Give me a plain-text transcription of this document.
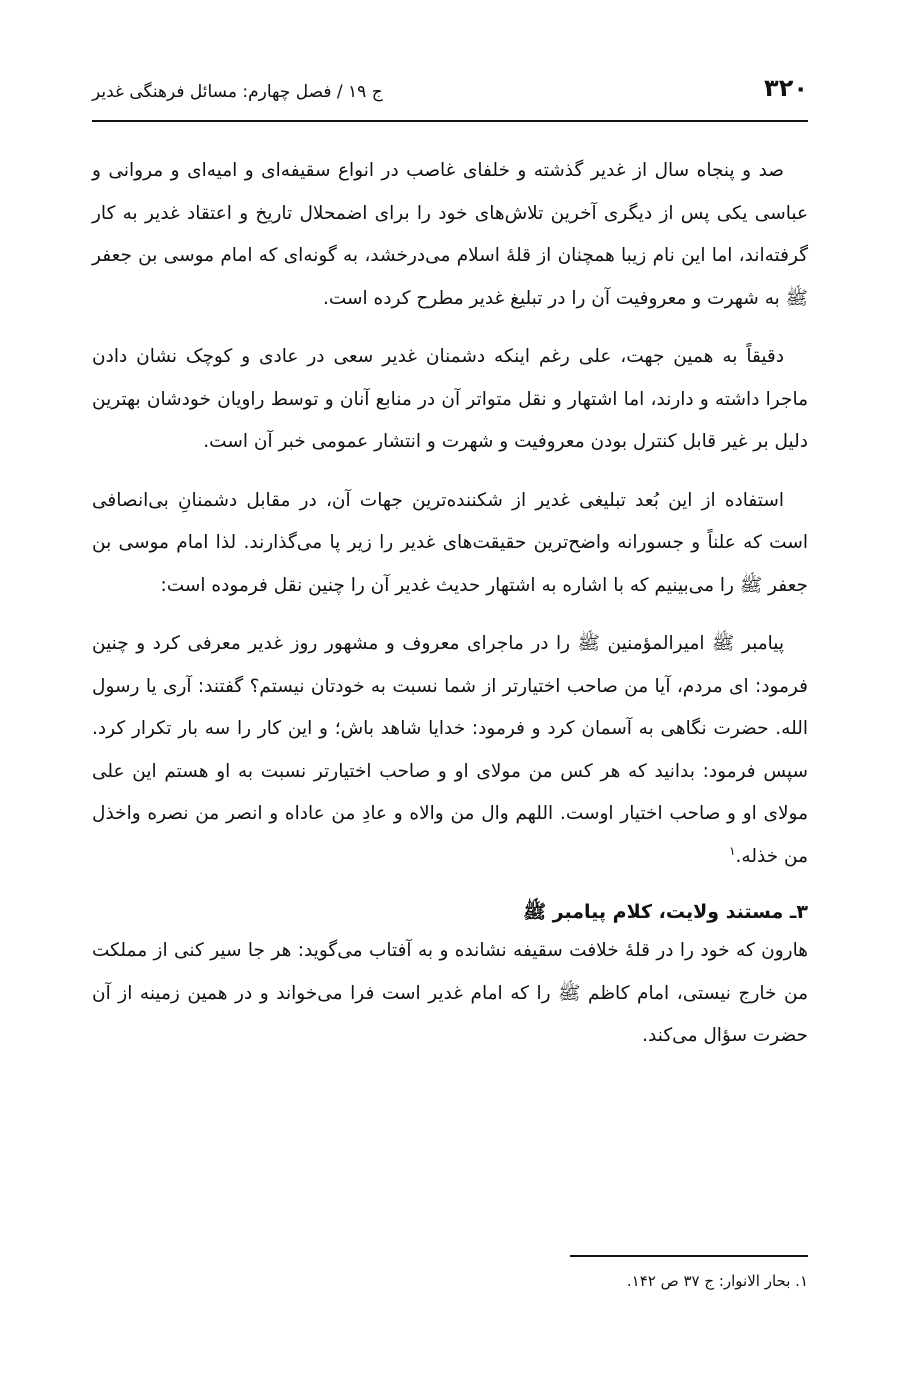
۳۲۰
ج ۱۹ / فصل چهارم: مسائل فرهنگی غدیر

صد و پنجاه سال از غدیر گذشته و خلفای غاصب در انواع سقیفه‌ای و امیه‌ای و مروانی و عباسی یکی پس از دیگری آخرین تلاش‌های خود را برای اضمحلال تاریخ و اعتقاد غدیر به کار گرفته‌اند، اما این نام زیبا همچنان از قلهٔ اسلام می‌درخشد، به گونه‌ای که امام موسی بن جعفر ﷺ به شهرت و معروفیت آن را در تبلیغ غدیر مطرح کرده است.

دقیقاً به همین جهت، علی رغم اینکه دشمنان غدیر سعی در عادی و کوچک نشان دادن ماجرا داشته و دارند، اما اشتهار و نقل متواتر آن در منابع آنان و توسط راویان خودشان بهترین دلیل بر غیر قابل کنترل بودن معروفیت و شهرت و انتشار عمومی خبر آن است.

استفاده از این بُعد تبلیغی غدیر از شکننده‌ترین جهات آن، در مقابل دشمنانِ بی‌انصافی است که علناً و جسورانه واضح‌ترین حقیقت‌های غدیر را زیر پا می‌گذارند. لذا امام موسی بن جعفر ﷺ را می‌بینیم که با اشاره به اشتهار حدیث غدیر آن را چنین نقل فرموده است:

پیامبر ﷺ امیرالمؤمنین ﷺ را در ماجرای معروف و مشهور روز غدیر معرفی کرد و چنین فرمود: ای مردم، آیا من صاحب اختیارتر از شما نسبت به خودتان نیستم؟ گفتند: آری یا رسول الله. حضرت نگاهی به آسمان کرد و فرمود: خدایا شاهد باش؛ و این کار را سه بار تکرار کرد. سپس فرمود: بدانید که هر کس من مولای او و صاحب اختیارتر نسبت به او هستم این علی مولای او و صاحب اختیار اوست. اللهم وال من والاه و عادِ من عاداه و انصر من نصره واخذل من خذله.$^۱$

۳ـ مستند ولایت، کلام پیامبر ﷺ

هارون که خود را در قلهٔ خلافت سقیفه نشانده و به آفتاب می‌گوید: هر جا سیر کنی از مملکت من خارج نیستی، امام کاظم ﷺ را که امام غدیر است فرا می‌خواند و در همین زمینه از آن حضرت سؤال می‌کند.

۱. بحار الانوار: ج ۳۷ ص ۱۴۲.
